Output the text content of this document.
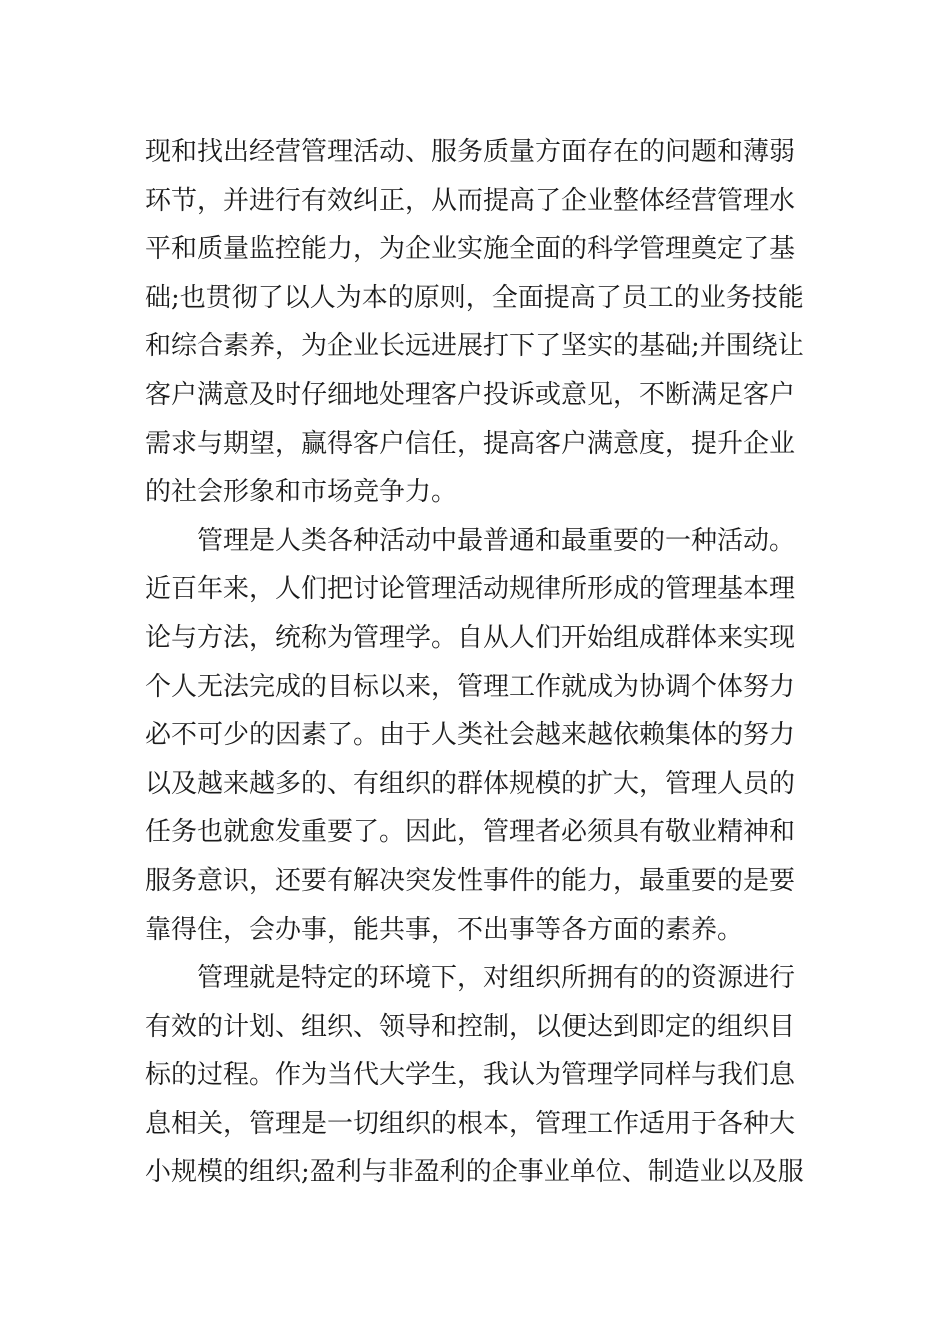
现和找出经营管理活动、服务质量方面存在的问题和薄弱
环节，并进行有效纠正，从而提高了企业整体经营管理水
平和质量监控能力，为企业实施全面的科学管理奠定了基
础;也贯彻了以人为本的原则，全面提高了员工的业务技能
和综合素养，为企业长远进展打下了坚实的基础;并围绕让
客户满意及时仔细地处理客户投诉或意见，不断满足客户
需求与期望，赢得客户信任，提高客户满意度，提升企业
的社会形象和市场竞争力。
管理是人类各种活动中最普通和最重要的一种活动。
近百年来，人们把讨论管理活动规律所形成的管理基本理
论与方法，统称为管理学。自从人们开始组成群体来实现
个人无法完成的目标以来，管理工作就成为协调个体努力
必不可少的因素了。由于人类社会越来越依赖集体的努力
以及越来越多的、有组织的群体规模的扩大，管理人员的
任务也就愈发重要了。因此，管理者必须具有敬业精神和
服务意识，还要有解决突发性事件的能力，最重要的是要
靠得住，会办事，能共事，不出事等各方面的素养。
管理就是特定的环境下，对组织所拥有的的资源进行
有效的计划、组织、领导和控制，以便达到即定的组织目
标的过程。作为当代大学生，我认为管理学同样与我们息
息相关，管理是一切组织的根本，管理工作适用于各种大
小规模的组织;盈利与非盈利的企事业单位、制造业以及服
